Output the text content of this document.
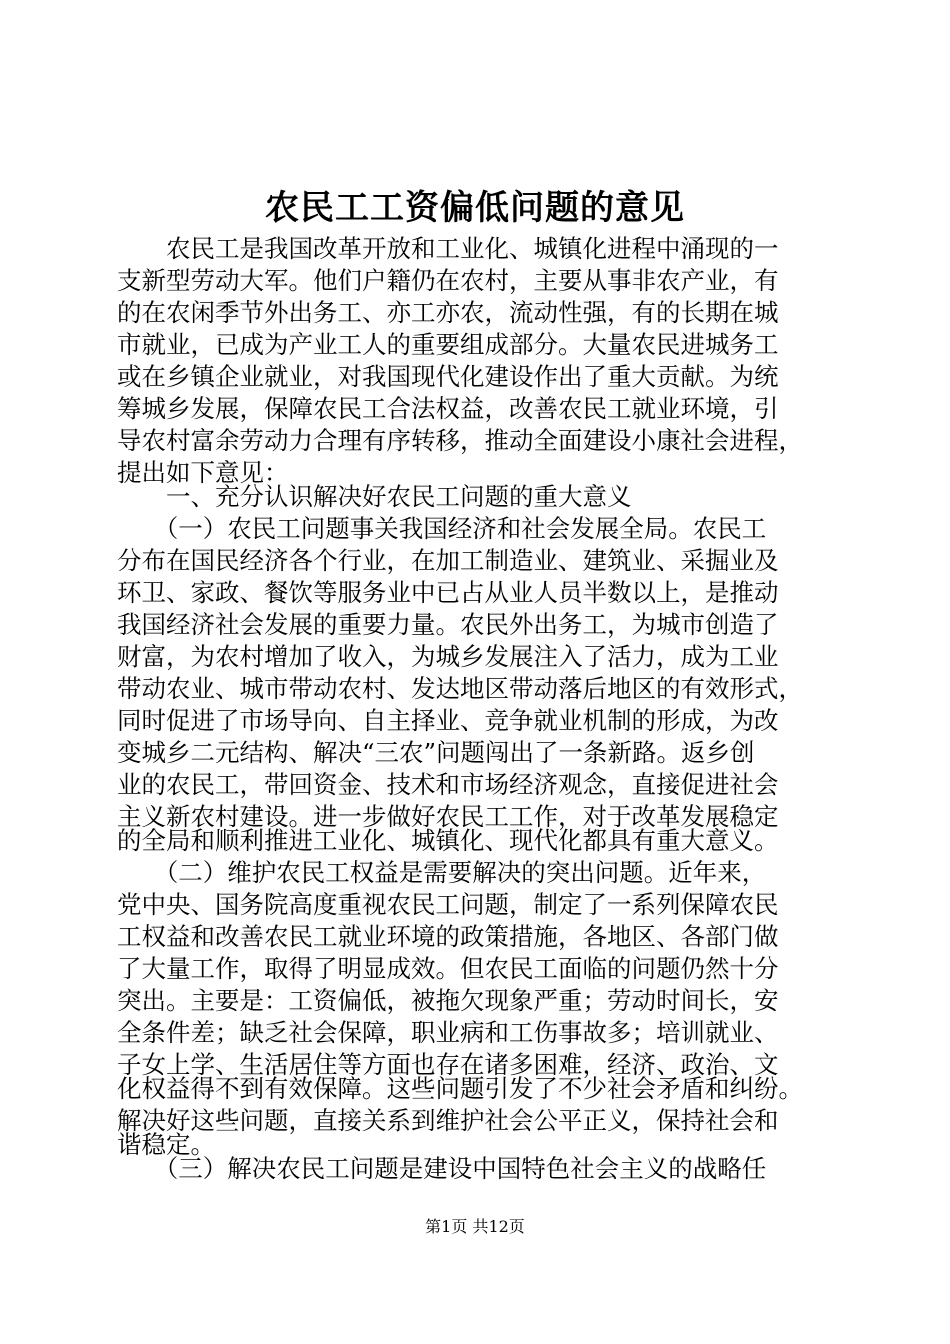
农民工工资偏低问题的意见
　　农民工是我国改革开放和工业化、城镇化进程中涌现的一
支新型劳动大军。他们户籍仍在农村，主要从事非农产业，有
的在农闲季节外出务工、亦工亦农，流动性强，有的长期在城
市就业，已成为产业工人的重要组成部分。大量农民进城务工
或在乡镇企业就业，对我国现代化建设作出了重大贡献。为统
筹城乡发展，保障农民工合法权益，改善农民工就业环境，引
导农村富余劳动力合理有序转移，推动全面建设小康社会进程，
提出如下意见：
　　一、充分认识解决好农民工问题的重大意义
　　（一）农民工问题事关我国经济和社会发展全局。农民工
分布在国民经济各个行业，在加工制造业、建筑业、采掘业及
环卫、家政、餐饮等服务业中已占从业人员半数以上，是推动
我国经济社会发展的重要力量。农民外出务工，为城市创造了
财富，为农村增加了收入，为城乡发展注入了活力，成为工业
带动农业、城市带动农村、发达地区带动落后地区的有效形式，
同时促进了市场导向、自主择业、竞争就业机制的形成，为改
变城乡二元结构、解决“三农”问题闯出了一条新路。返乡创
业的农民工，带回资金、技术和市场经济观念，直接促进社会
主义新农村建设。进一步做好农民工工作，对于改革发展稳定
的全局和顺利推进工业化、城镇化、现代化都具有重大意义。
　　（二）维护农民工权益是需要解决的突出问题。近年来，
党中央、国务院高度重视农民工问题，制定了一系列保障农民
工权益和改善农民工就业环境的政策措施，各地区、各部门做
了大量工作，取得了明显成效。但农民工面临的问题仍然十分
突出。主要是：工资偏低，被拖欠现象严重；劳动时间长，安
全条件差；缺乏社会保障，职业病和工伤事故多；培训就业、
子女上学、生活居住等方面也存在诸多困难，经济、政治、文
化权益得不到有效保障。这些问题引发了不少社会矛盾和纠纷。
解决好这些问题，直接关系到维护社会公平正义，保持社会和
谐稳定。
　　（三）解决农民工问题是建设中国特色社会主义的战略任
第1页 共12页
